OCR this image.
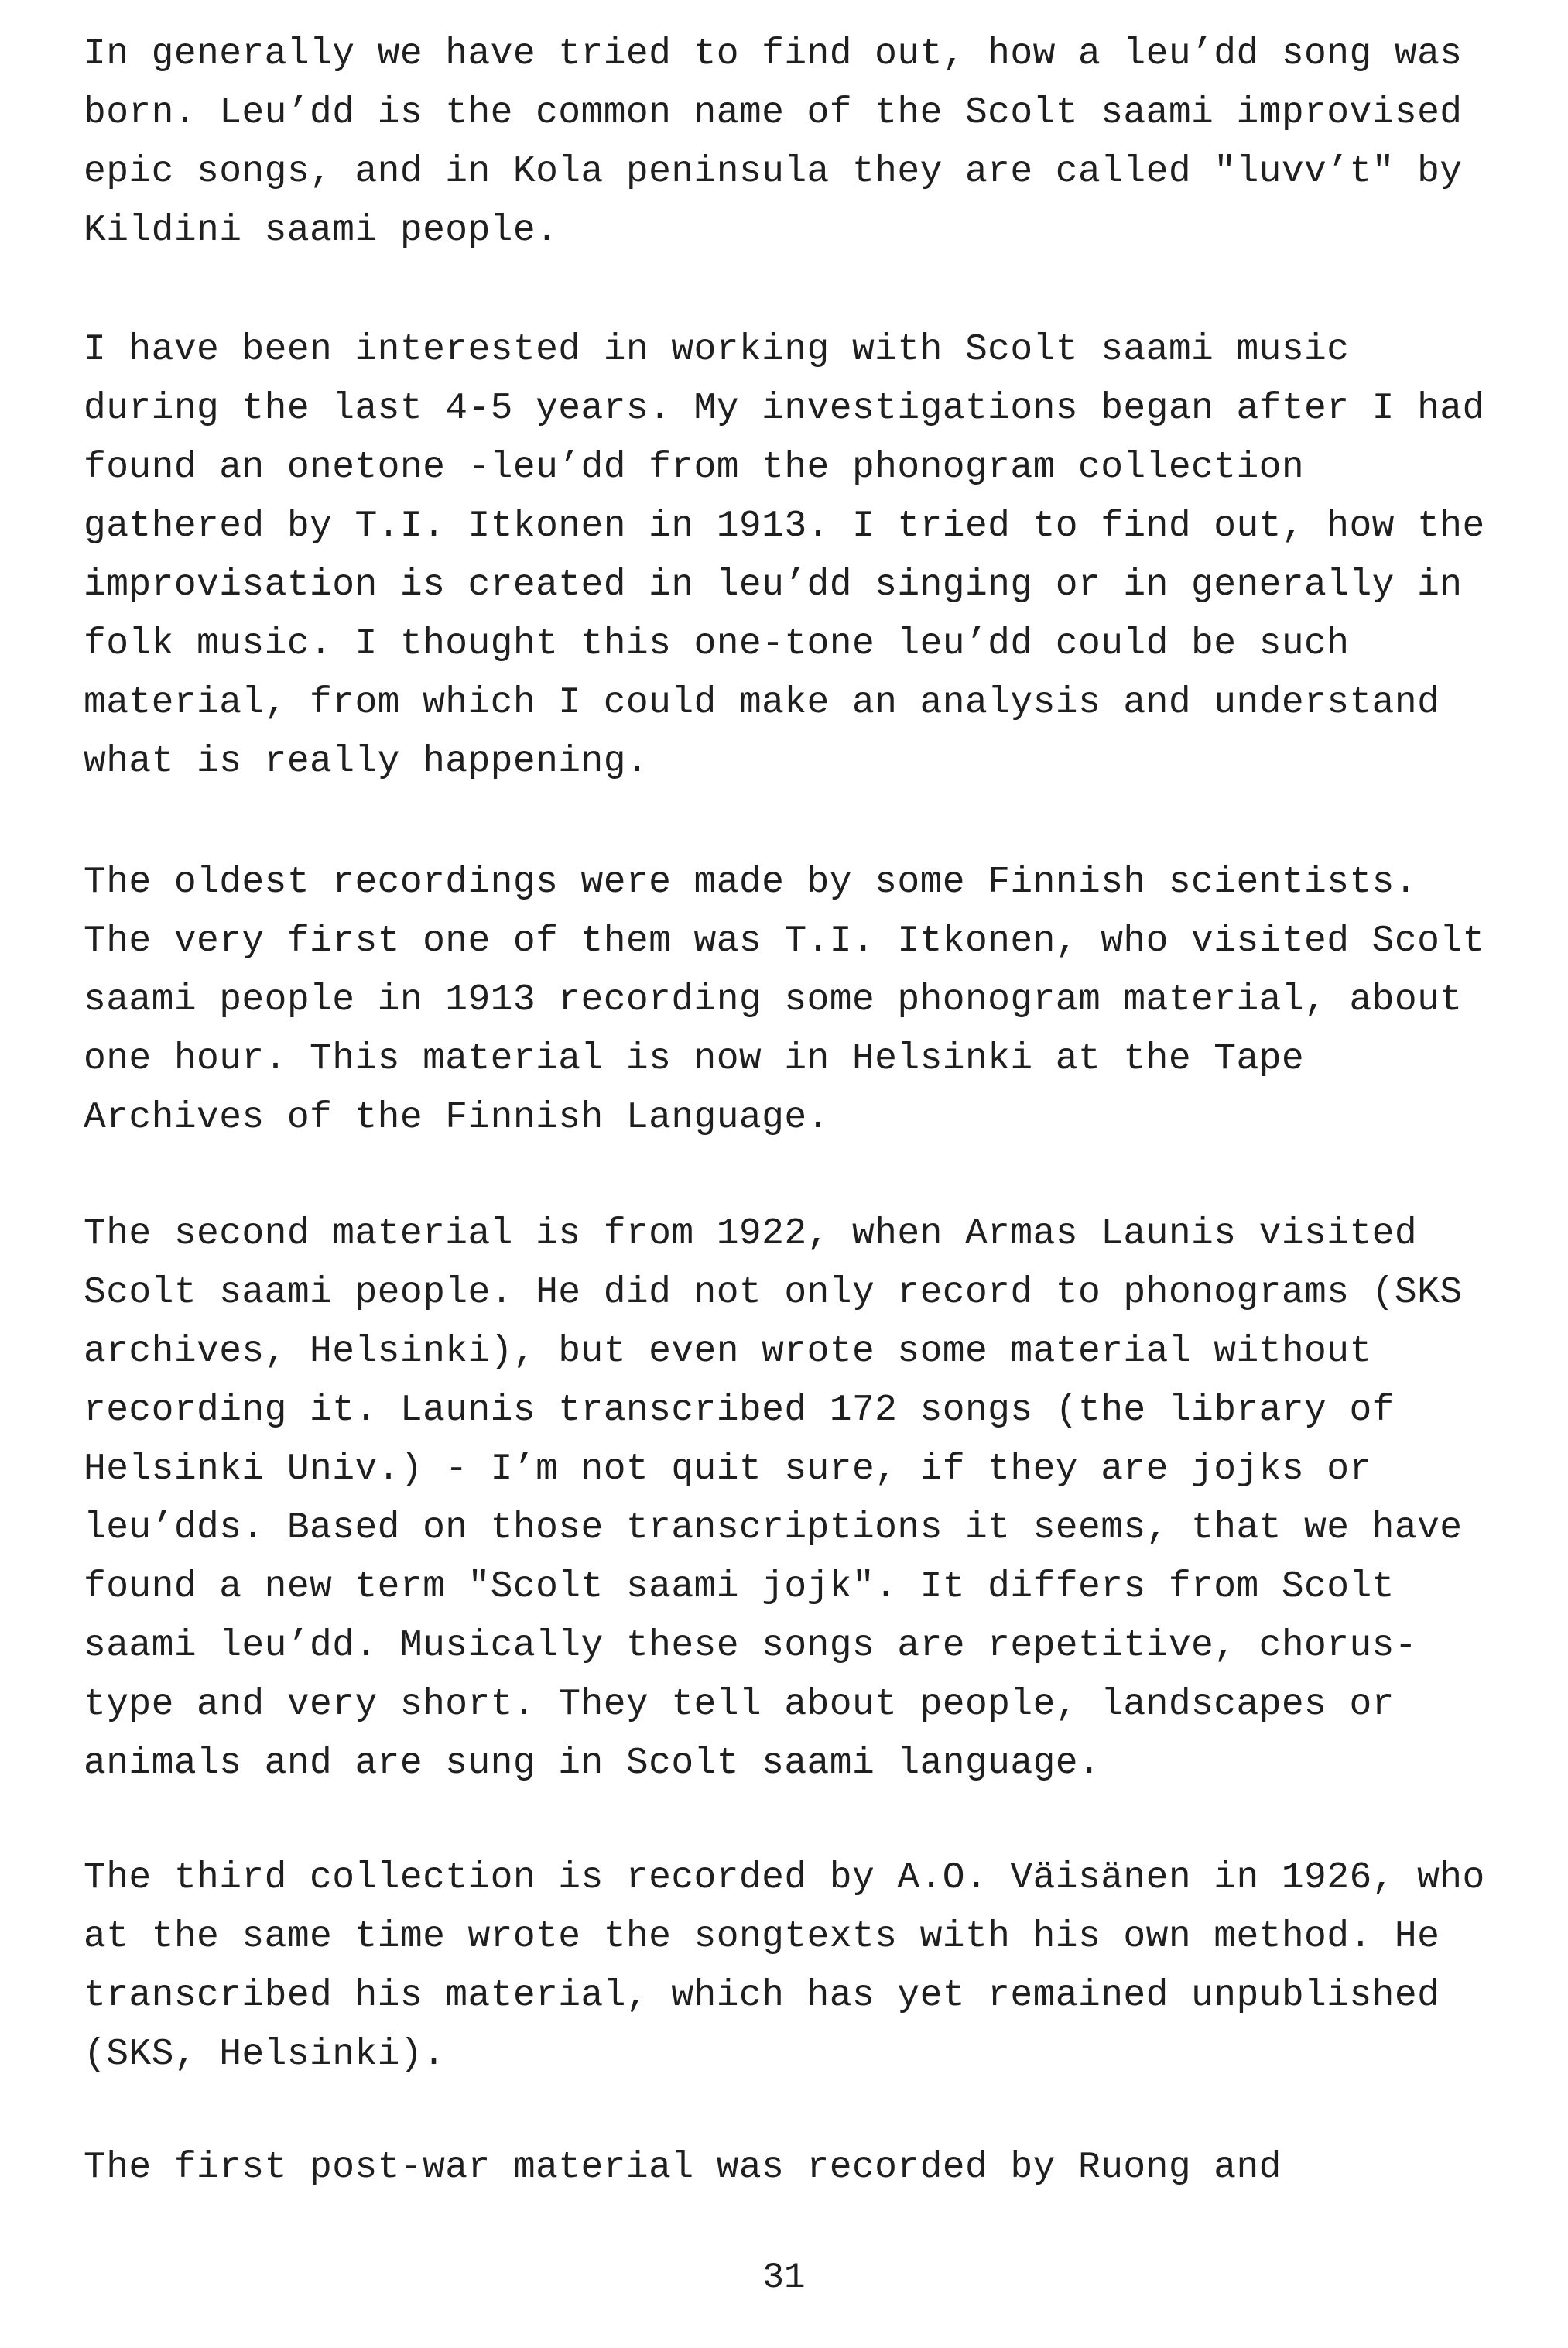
In generally we have tried to find out, how a leu’dd song was
born. Leu’dd is the common name of the Scolt saami improvised
epic songs, and in Kola peninsula they are called "luvv’t" by
Kildini saami people.
I have been interested in working with Scolt saami music
during the last 4-5 years. My investigations began after I had
found an onetone -leu’dd from the phonogram collection
gathered by T.I. Itkonen in 1913. I tried to find out, how the
improvisation is created in leu’dd singing or in generally in
folk music. I thought this one-tone leu’dd could be such
material, from which I could make an analysis and understand
what is really happening.
The oldest recordings were made by some Finnish scientists.
The very first one of them was T.I. Itkonen, who visited Scolt
saami people in 1913 recording some phonogram material, about
one hour. This material is now in Helsinki at the Tape
Archives of the Finnish Language.
The second material is from 1922, when Armas Launis visited
Scolt saami people. He did not only record to phonograms (SKS
archives, Helsinki), but even wrote some material without
recording it. Launis transcribed 172 songs (the library of
Helsinki Univ.) - I’m not quit sure, if they are jojks or
leu’dds. Based on those transcriptions it seems, that we have
found a new term "Scolt saami jojk". It differs from Scolt
saami leu’dd. Musically these songs are repetitive, chorus-
type and very short. They tell about people, landscapes or
animals and are sung in Scolt saami language.
The third collection is recorded by A.O. Väisänen in 1926, who
at the same time wrote the songtexts with his own method. He
transcribed his material, which has yet remained unpublished
(SKS, Helsinki).
The first post-war material was recorded by Ruong and
31
